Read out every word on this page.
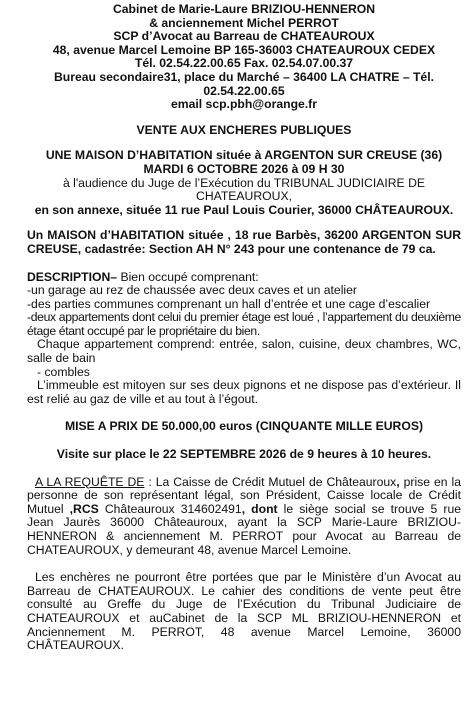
Cabinet de Marie-Laure BRIZIOU-HENNERON
& anciennement Michel PERROT
SCP d’Avocat au Barreau de CHATEAUROUX
48, avenue Marcel Lemoine BP 165-36003 CHATEAUROUX CEDEX
Tél. 02.54.22.00.65 Fax. 02.54.07.00.37
Bureau secondaire31, place du Marché – 36400 LA CHATRE – Tél.
02.54.22.00.65
email scp.pbh@orange.fr
VENTE AUX ENCHERES PUBLIQUES
UNE MAISON D’HABITATION située à ARGENTON SUR CREUSE (36)
MARDI 6 OCTOBRE 2026 à 09 H 30
à l'audience du Juge de l’Exécution du TRIBUNAL JUDICIAIRE DE
CHATEAUROUX,
en son annexe, située 11 rue Paul Louis Courier, 36000 CHÂTEAUROUX.

Un MAISON d’HABITATION située , 18 rue Barbès, 36200 ARGENTON SUR CREUSE, cadastrée: Section AH N° 243 pour une contenance de 79 ca.

DESCRIPTION– Bien occupé comprenant:

-un garage au rez de chaussée avec deux caves et un atelier

-des parties communes comprenant un hall d’entrée et une cage d’escalier

-deux appartements dont celui du premier étage est loué , l’appartement du deuxième étage étant occupé par le propriétaire du bien.

Chaque appartement comprend: entrée, salon, cuisine, deux chambres, WC, salle de bain

- combles

L’immeuble est mitoyen sur ses deux pignons et ne dispose pas d’extérieur. Il est relié au gaz de ville et au tout à l’égout.

MISE A PRIX DE 50.000,00 euros (CINQUANTE MILLE EUROS)

Visite sur place le 22 SEPTEMBRE 2026 de 9 heures à 10 heures.

A LA REQUÊTE DE : La Caisse de Crédit Mutuel de Châteauroux, prise en la personne de son représentant légal, son Président, Caisse locale de Crédit Mutuel ,RCS Châteauroux 314602491, dont le siège social se trouve 5 rue Jean Jaurès 36000 Châteauroux, ayant la SCP Marie-Laure BRIZIOU-HENNERON & anciennement M. PERROT pour Avocat au Barreau de CHATEAUROUX, y demeurant 48, avenue Marcel Lemoine.

Les enchères ne pourront être portées que par le Ministère d’un Avocat au Barreau de CHATEAUROUX. Le cahier des conditions de vente peut être consulté au Greffe du Juge de l’Exécution du Tribunal Judiciaire de CHATEAUROUX et auCabinet de la SCP ML BRIZIOU-HENNERON et Anciennement M. PERROT, 48 avenue Marcel Lemoine, 36000 CHÂTEAUROUX.
